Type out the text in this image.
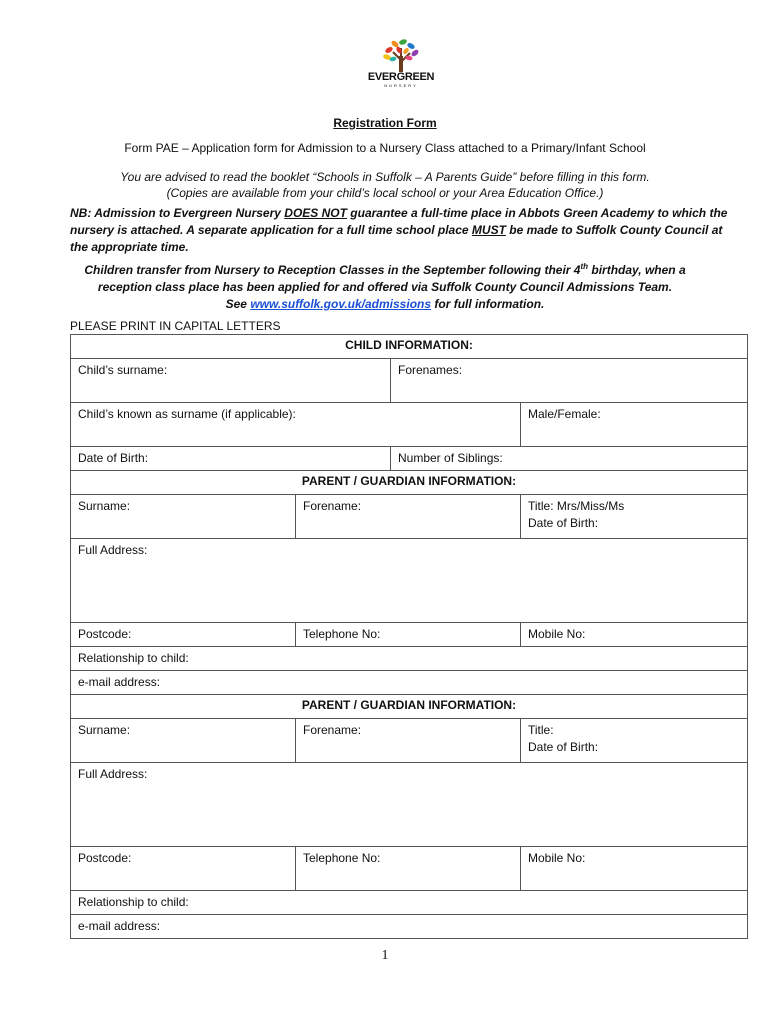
EVERGREEN
NURSERY
Registration Form
Form PAE – Application form for Admission to a Nursery Class attached to a Primary/Infant School
You are advised to read the booklet “Schools in Suffolk – A Parents Guide” before filling in this form.
(Copies are available from your child’s local school or your Area Education Office.)
NB: Admission to Evergreen Nursery DOES NOT guarantee a full-time place in Abbots Green Academy to which the nursery is attached. A separate application for a full time school place MUST be made to Suffolk County Council at the appropriate time.
Children transfer from Nursery to Reception Classes in the September following their 4th birthday, when a
reception class place has been applied for and offered via Suffolk County Council Admissions Team.
See www.suffolk.gov.uk/admissions for full information.
PLEASE PRINT IN CAPITAL LETTERS
CHILD INFORMATION:			
Child’s surname:		Forenames:	
Child’s known as surname (if applicable):			Male/Female:
Date of Birth:		Number of Siblings:	
PARENT / GUARDIAN INFORMATION:			
Surname:	Forename:		Title: Mrs/Miss/Ms
Date of Birth:

Full Address:			
Postcode:	Telephone No:		Mobile No:
Relationship to child:			
e-mail address:			
PARENT / GUARDIAN INFORMATION:			
Surname:	Forename:		Title:
Date of Birth:

Full Address:			
Postcode:	Telephone No:		Mobile No:
Relationship to child:			
e-mail address:			
1
